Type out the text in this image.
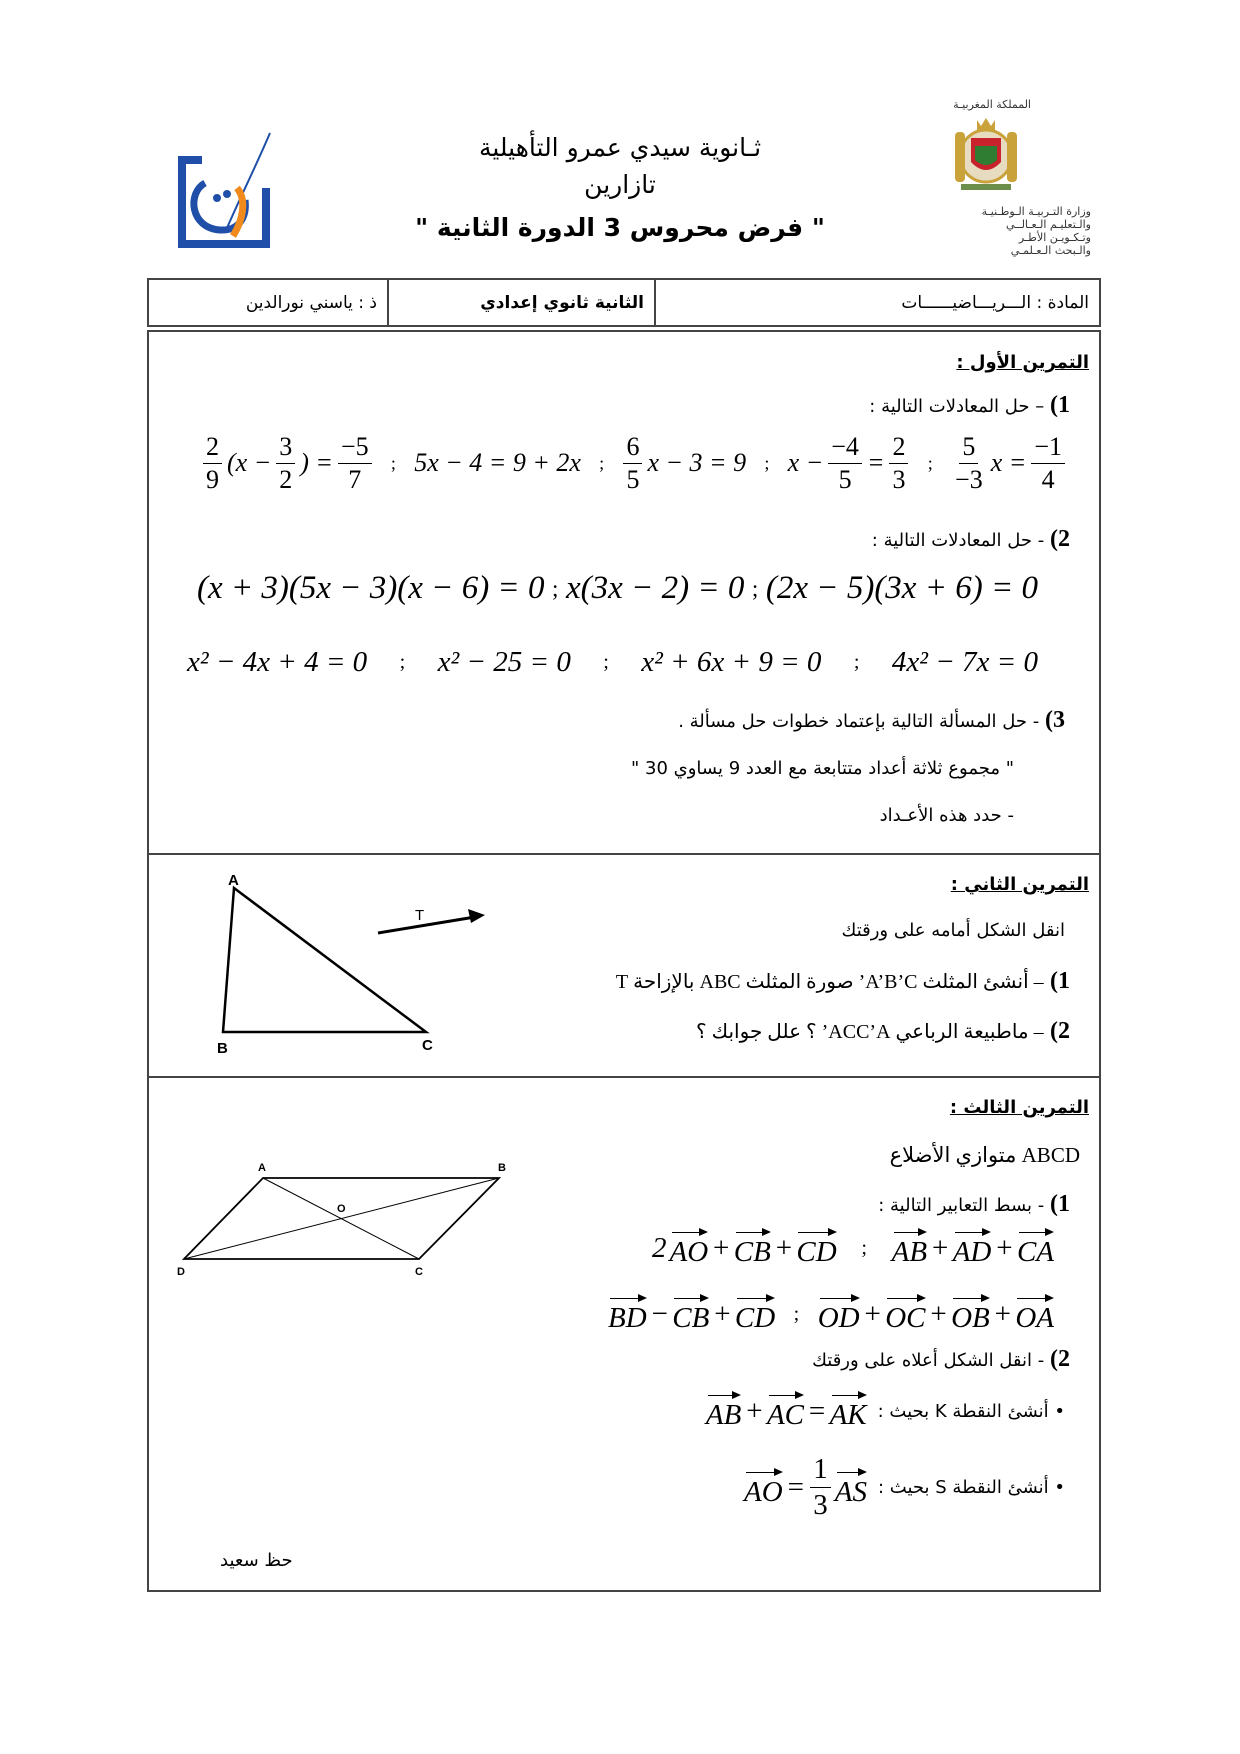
ثـانوية سيدي عمرو التأهيلية
تازارين
" فرض محروس 3 الدورة الثانية "
المملكة المغربيـة
وزارة التـربيـة الـوطـنيـة
والـتعليـم الـعـالــي
وتـكـويـن الأطـر
والـبحث الـعـلمـي
ذ : ياسني نورالدين	الثانية ثانوي إعدادي	المادة : الـــريـــاضيــــــات
التمرين الأول :
1) – حل المعادلات التالية :
$\frac{2}{9} (x - \frac{3}{2}$ ) = $\frac{-5}{7}$ ; 5x − 4 = 9 + 2x ; $\frac{6}{5}$ x − 3 = 9 ; $x - \frac{-4}{5} = \frac{2}{3}$ ; $\frac{5}{-3}$ $x = \frac{-1}{4}$
2) - حل المعادلات التالية :
(x + 3)(5x − 3)(x − 6) = 0 ; x(3x − 2) = 0 ; (2x − 5)(3x + 6) = 0
x² − 4x + 4 = 0 ; x² − 25 = 0 ; x² + 6x + 9 = 0 ; 4x² − 7x = 0
3) - حل المسألة التالية بإعتماد خطوات حل مسألة .
" مجموع ثلاثة أعداد متتابعة مع العدد 9 يساوي 30 "
- حدد هذه الأعـداد
التمرين الثاني :
انقل الشكل أمامه على ورقتك
1) – أنشئ المثلث A’B’C’ صورة المثلث ABC بالإزاحة T
2) – ماطبيعة الرباعي ACC’A’ ؟ علل جوابك ؟
A
B	C
T
التمرين الثالث :
ABCD متوازي الأضلاع
1) - بسط التعابير التالية :
2 AO + CB + CD ; AB + AD + CA
BD − CB + CD ; OD + OC + OB + OA
2) - انقل الشكل أعلاه على ورقتك
AB + AC = AK • أنشئ النقطة K بحيث :
AO = $\frac{1}{3}$ AS • أنشئ النقطة S بحيث :
A	B
C
D
O
حظ سعيد
